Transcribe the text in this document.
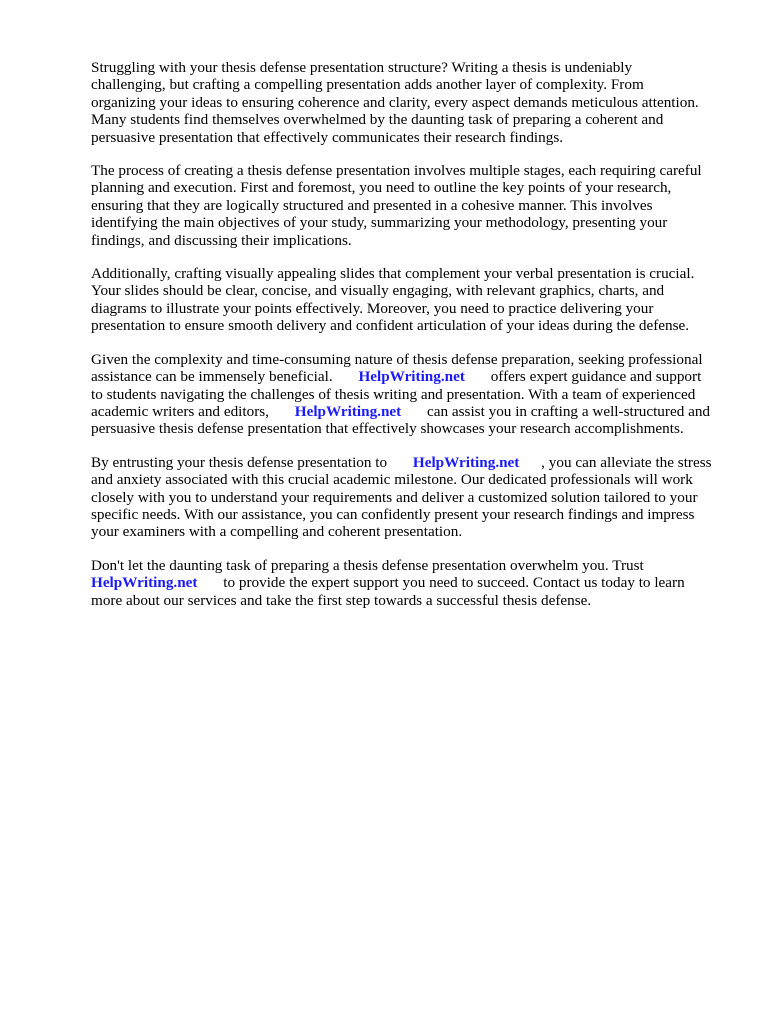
Struggling with your thesis defense presentation structure? Writing a thesis is undeniably
challenging, but crafting a compelling presentation adds another layer of complexity. From
organizing your ideas to ensuring coherence and clarity, every aspect demands meticulous attention.
Many students find themselves overwhelmed by the daunting task of preparing a coherent and
persuasive presentation that effectively communicates their research findings.

The process of creating a thesis defense presentation involves multiple stages, each requiring careful
planning and execution. First and foremost, you need to outline the key points of your research,
ensuring that they are logically structured and presented in a cohesive manner. This involves
identifying the main objectives of your study, summarizing your methodology, presenting your
findings, and discussing their implications.

Additionally, crafting visually appealing slides that complement your verbal presentation is crucial.
Your slides should be clear, concise, and visually engaging, with relevant graphics, charts, and
diagrams to illustrate your points effectively. Moreover, you need to practice delivering your
presentation to ensure smooth delivery and confident articulation of your ideas during the defense.

Given the complexity and time-consuming nature of thesis defense preparation, seeking professional
assistance can be immensely beneficial. HelpWriting.net offers expert guidance and support
to students navigating the challenges of thesis writing and presentation. With a team of experienced
academic writers and editors, HelpWriting.net can assist you in crafting a well-structured and
persuasive thesis defense presentation that effectively showcases your research accomplishments.

By entrusting your thesis defense presentation to HelpWriting.net , you can alleviate the stress
and anxiety associated with this crucial academic milestone. Our dedicated professionals will work
closely with you to understand your requirements and deliver a customized solution tailored to your
specific needs. With our assistance, you can confidently present your research findings and impress
your examiners with a compelling and coherent presentation.

Don't let the daunting task of preparing a thesis defense presentation overwhelm you. Trust
HelpWriting.net to provide the expert support you need to succeed. Contact us today to learn
more about our services and take the first step towards a successful thesis defense.
